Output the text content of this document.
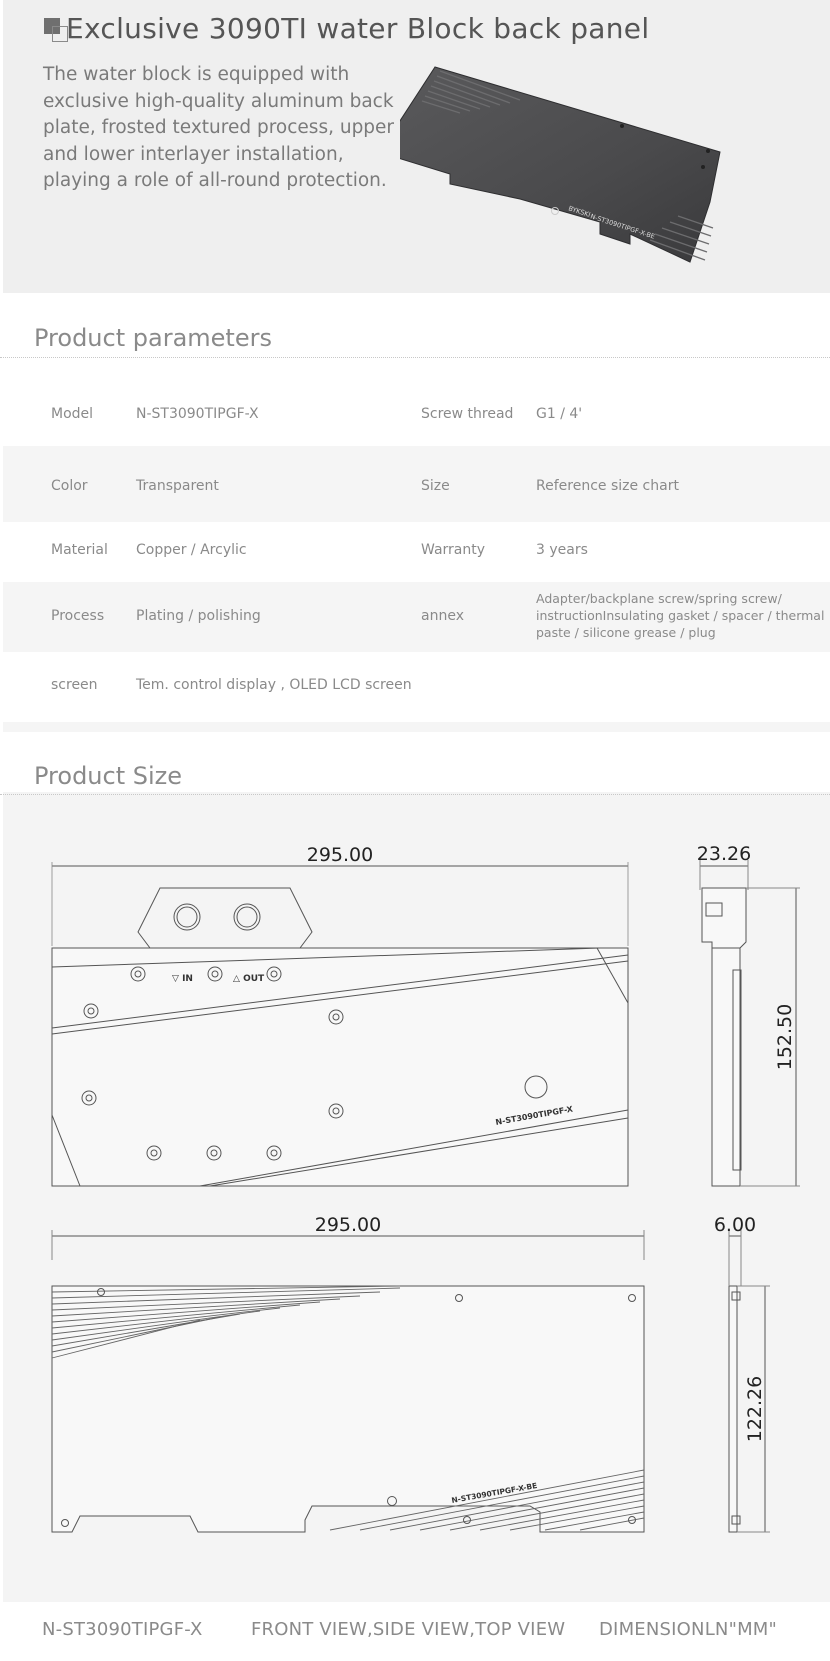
Exclusive 3090TI water Block back panel
The water block is equipped with exclusive high-quality aluminum back plate, frosted textured process, upper and lower interlayer installation, playing a role of all-round protection.
BYKSKI
N-ST3090TIPGF-X-BE
Product parameters
Model	N-ST3090TIPGF-X	Screw thread G1 / 4'
Color	Transparent	Size	Reference size chart
Material Copper / Arcylic	Warranty	3 years
Process Plating / polishing	annex
Adapter/backplane screw/spring screw/ instructionInsulating gasket / spacer / thermal paste / silicone grease / plug
screen	Tem. control display , OLED LCD screen
Product Size
295.00
▽ IN	△ OUT
N-ST3090TIPGF-X
23.26
152.50
295.00
N-ST3090TIPGF-X-BE
6.00
122.26
N-ST3090TIPGF-X	FRONT VIEW,SIDE VIEW,TOP VIEW DIMENSIONLN"MM"
